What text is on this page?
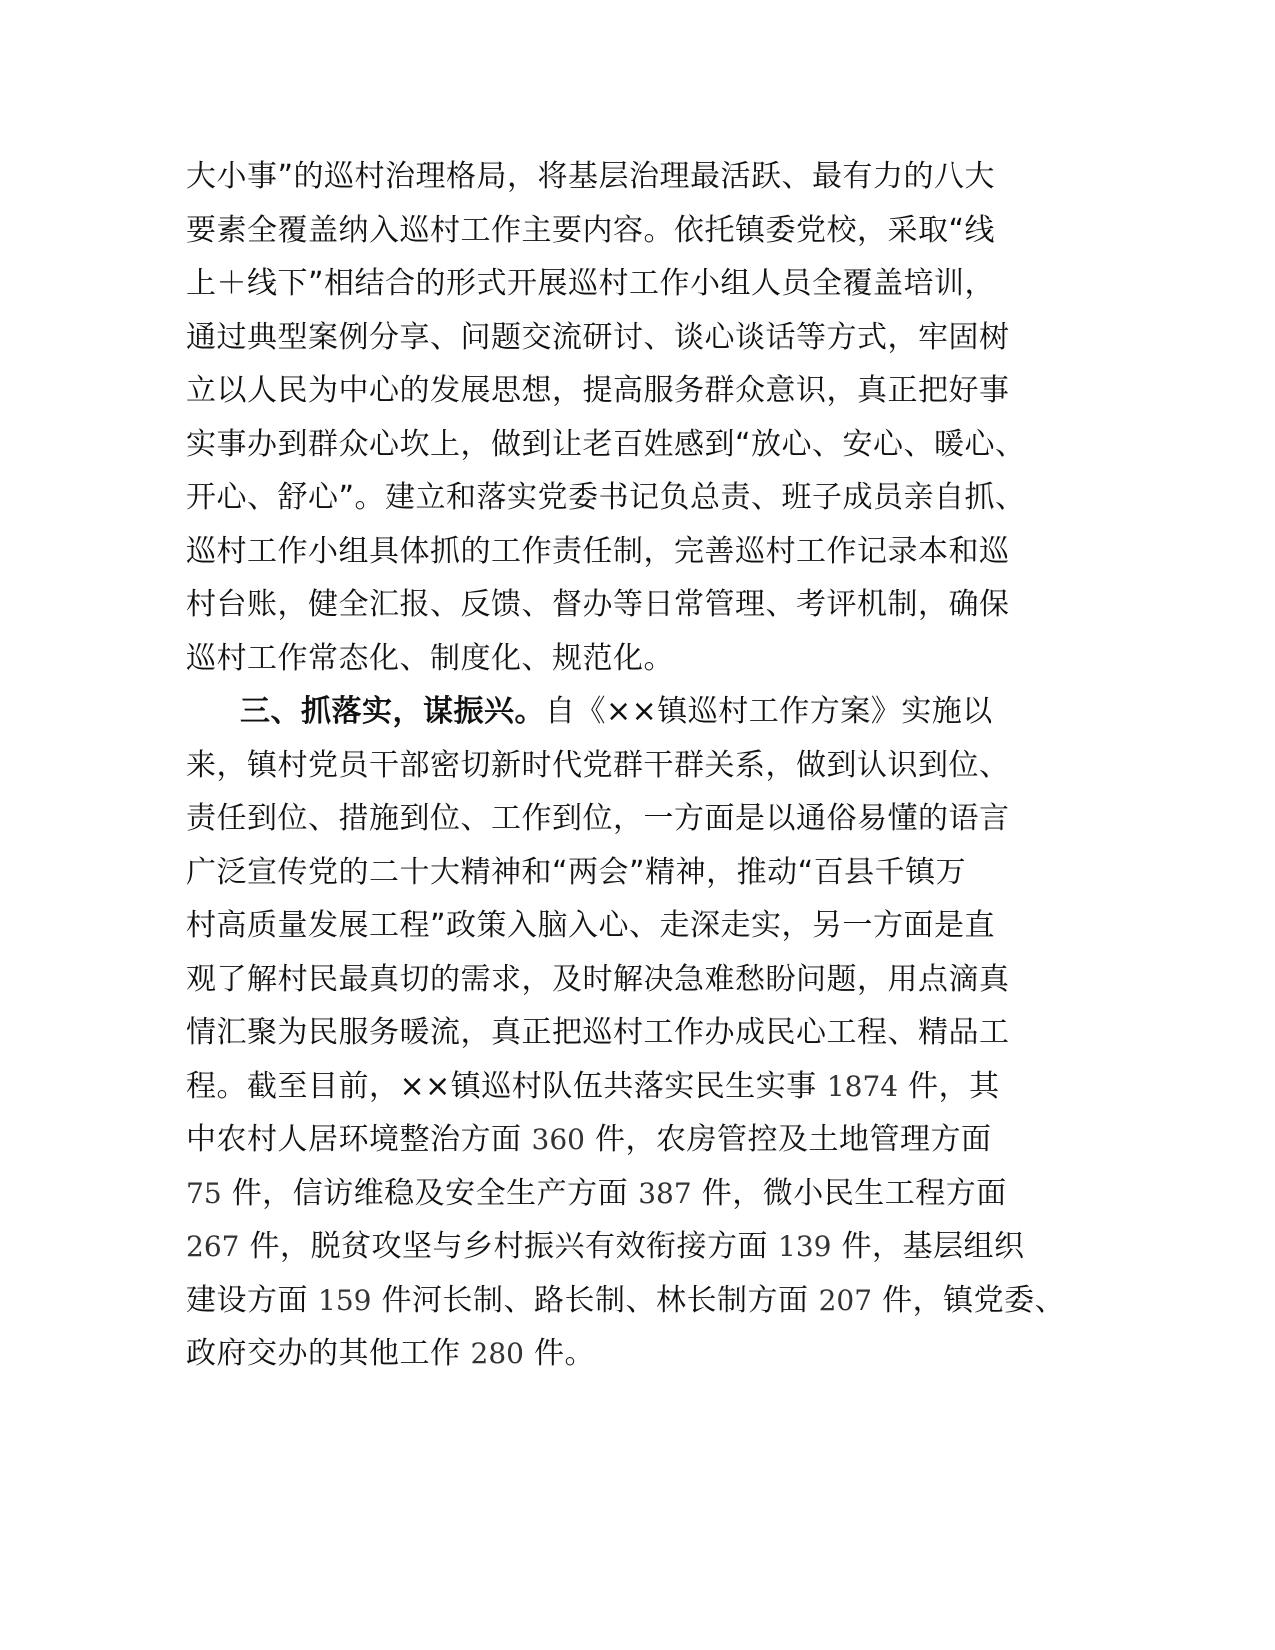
大小事”的巡村治理格局，将基层治理最活跃、最有力的八大
要素全覆盖纳入巡村工作主要内容。依托镇委党校，采取“线
上＋线下”相结合的形式开展巡村工作小组人员全覆盖培训，
通过典型案例分享、问题交流研讨、谈心谈话等方式，牢固树
立以人民为中心的发展思想，提高服务群众意识，真正把好事
实事办到群众心坎上，做到让老百姓感到“放心、安心、暖心、
开心、舒心”。建立和落实党委书记负总责、班子成员亲自抓、
巡村工作小组具体抓的工作责任制，完善巡村工作记录本和巡
村台账，健全汇报、反馈、督办等日常管理、考评机制，确保
巡村工作常态化、制度化、规范化。
三、抓落实，谋振兴。自《××镇巡村工作方案》实施以
来，镇村党员干部密切新时代党群干群关系，做到认识到位、
责任到位、措施到位、工作到位，一方面是以通俗易懂的语言
广泛宣传党的二十大精神和“两会”精神，推动“百县千镇万
村高质量发展工程”政策入脑入心、走深走实，另一方面是直
观了解村民最真切的需求，及时解决急难愁盼问题，用点滴真
情汇聚为民服务暖流，真正把巡村工作办成民心工程、精品工
程。截至目前，××镇巡村队伍共落实民生实事 1874 件，其
中农村人居环境整治方面 360 件，农房管控及土地管理方面
75 件，信访维稳及安全生产方面 387 件，微小民生工程方面
267 件，脱贫攻坚与乡村振兴有效衔接方面 139 件，基层组织
建设方面 159 件河长制、路长制、林长制方面 207 件，镇党委、
政府交办的其他工作 280 件。
